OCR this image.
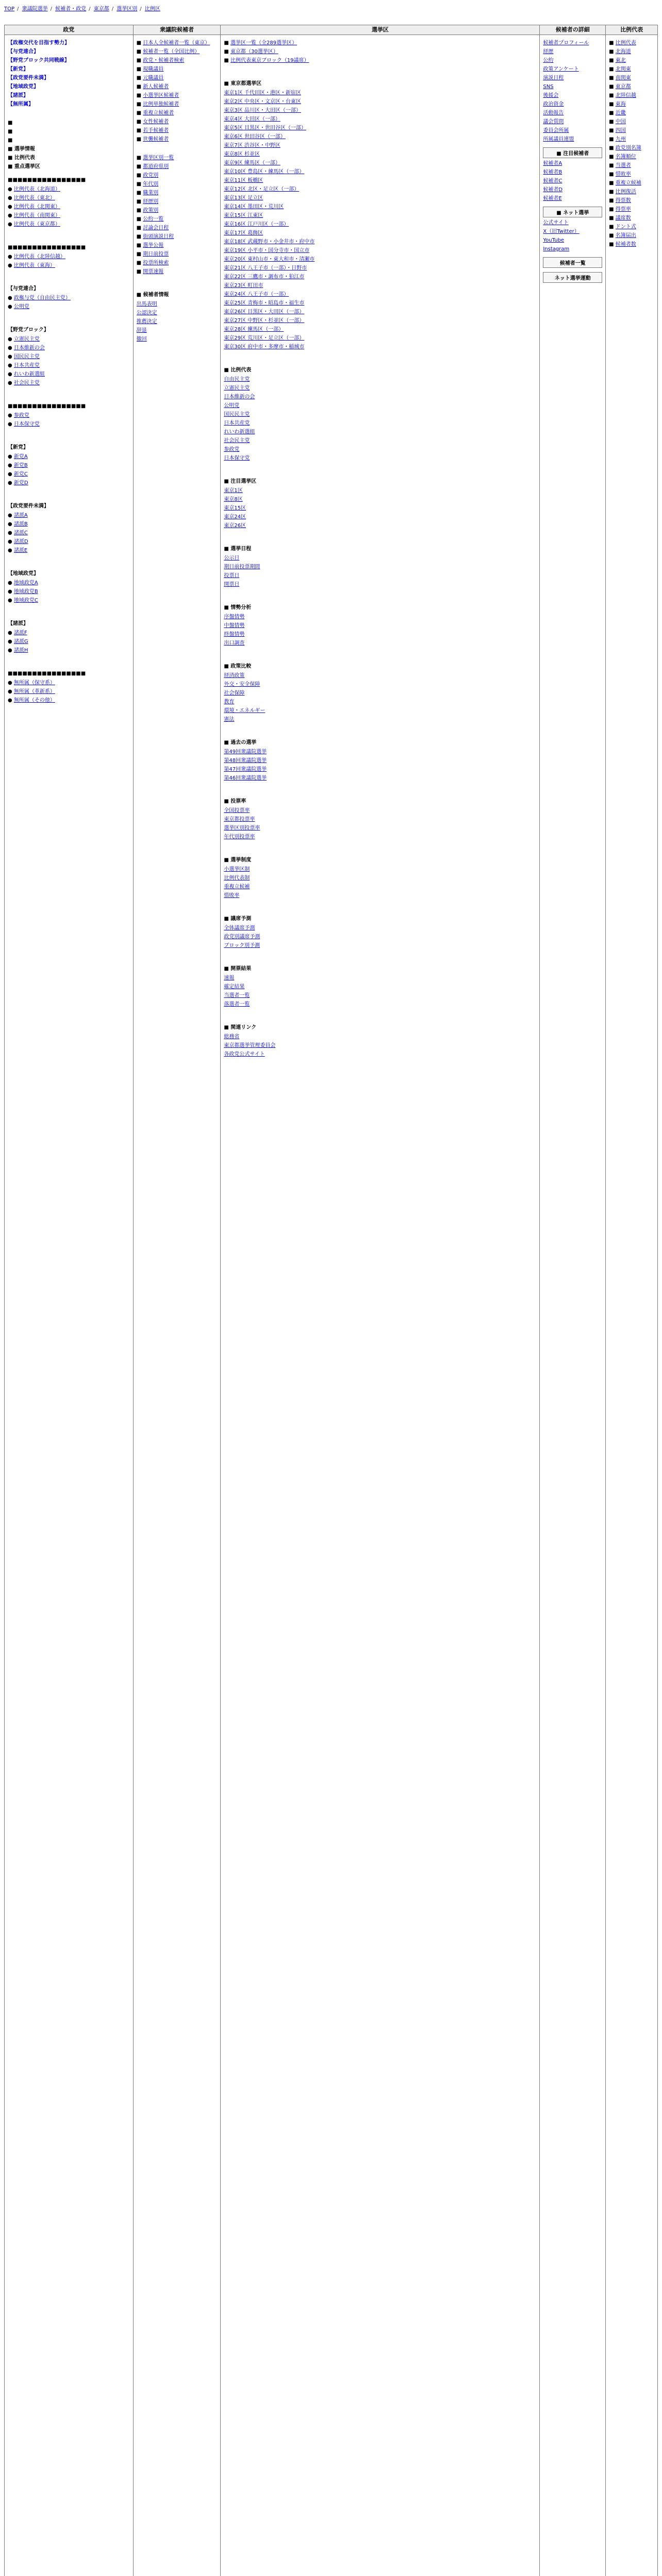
TOP / 衆議院選挙 / 候補者・政党 / 東京都 / 選挙区別 / 比例区
政党
【政権交代を目指す勢力】
【与党連合】
【野党ブロック共同戦線】
【新党】
【政党要件未満】
【地域政党】
【諸派】
【無所属】
■
■
■
■ 選挙情報
■ 比例代表
■ 重点選挙区
■■■■■■■■■■■■■■■■
● 比例代表（北海道）
● 比例代表（東北）
● 比例代表（北関東）
● 比例代表（南関東）
● 比例代表（東京都）
■■■■■■■■■■■■■■■■
● 比例代表（北陸信越）
● 比例代表（東海）
【与党連合】
● 政権与党（自由民主党）
● 公明党
【野党ブロック】
● 立憲民主党
● 日本維新の会
● 国民民主党
● 日本共産党
● れいわ新選組
● 社会民主党
■■■■■■■■■■■■■■■■
● 参政党
● 日本保守党
【新党】
● 新党A
● 新党B
● 新党C
● 新党D
【政党要件未満】
● 諸派A
● 諸派B
● 諸派C
● 諸派D
● 諸派E
【地域政党】
● 地域政党A
● 地域政党B
● 地域政党C
【諸派】
● 諸派F
● 諸派G
● 諸派H
■■■■■■■■■■■■■■■■
● 無所属（保守系）
● 無所属（革新系）
● 無所属（その他）
衆議院候補者
■ 日本人全候補者一覧（東京）
■ 候補者一覧（全国比例）
■ 政党・候補者検索
■ 現職議員
■ 元職議員
■ 新人候補者
■ 小選挙区候補者
■ 比例単独候補者
■ 重複立候補者
■ 女性候補者
■ 若手候補者
■ 世襲候補者
■ 選挙区別一覧
■ 都道府県別
■ 政党別
■ 年代別
■ 職業別
■ 経歴別
■ 政策別
■ 公約一覧
■ 討論会日程
■ 街頭演説日程
■ 選挙公報
■ 期日前投票
■ 投票所検索
■ 開票速報
■ 候補者情報
出馬表明
公認決定
推薦決定
辞退
撤回
選挙区
■ 選挙区一覧（全289選挙区）
■ 東京都（30選挙区）
■ 比例代表東京ブロック（19議席）
■ 東京都選挙区
東京1区 千代田区・港区・新宿区
東京2区 中央区・文京区・台東区
東京3区 品川区・大田区（一部）
東京4区 大田区（一部）
東京5区 目黒区・世田谷区（一部）
東京6区 世田谷区（一部）
東京7区 渋谷区・中野区
東京8区 杉並区
東京9区 練馬区（一部）
東京10区 豊島区・練馬区（一部）
東京11区 板橋区
東京12区 北区・足立区（一部）
東京13区 足立区
東京14区 墨田区・荒川区
東京15区 江東区
東京16区 江戸川区（一部）
東京17区 葛飾区
東京18区 武蔵野市・小金井市・府中市
東京19区 小平市・国分寺市・国立市
東京20区 東村山市・東大和市・清瀬市
東京21区 八王子市（一部）・日野市
東京22区 三鷹市・調布市・狛江市
東京23区 町田市
東京24区 八王子市（一部）
東京25区 青梅市・昭島市・福生市
東京26区 目黒区・大田区（一部）
東京27区 中野区・杉並区（一部）
東京28区 練馬区（一部）
東京29区 荒川区・足立区（一部）
東京30区 府中市・多摩市・稲城市
■ 比例代表
自由民主党
立憲民主党
日本維新の会
公明党
国民民主党
日本共産党
れいわ新選組
社会民主党
参政党
日本保守党
■ 注目選挙区
東京1区
東京8区
東京15区
東京24区
東京26区
■ 選挙日程
公示日
期日前投票期間
投票日
開票日
■ 情勢分析
序盤情勢
中盤情勢
終盤情勢
出口調査
■ 政策比較
経済政策
外交・安全保障
社会保障
教育
環境・エネルギー
憲法
■ 過去の選挙
第49回衆議院選挙
第48回衆議院選挙
第47回衆議院選挙
第46回衆議院選挙
■ 投票率
全国投票率
東京都投票率
選挙区別投票率
年代別投票率
■ 選挙制度
小選挙区制
比例代表制
重複立候補
惜敗率
■ 議席予測
全体議席予測
政党別議席予測
ブロック別予測
■ 開票結果
速報
確定結果
当選者一覧
落選者一覧
■ 関連リンク
総務省
東京都選挙管理委員会
各政党公式サイト
候補者の詳細
候補者プロフィール
経歴
公約
政策アンケート
演説日程
SNS
後援会
政治資金
活動報告
議会質問
委員会所属
所属議員連盟
■ 注目候補者
候補者A
候補者B
候補者C
候補者D
候補者E
■ ネット選挙
公式サイト
X（旧Twitter）
YouTube
Instagram
候補者一覧
ネット選挙運動
比例代表
■ 比例代表
■ 北海道
■ 東北
■ 北関東
■ 南関東
■ 東京都
■ 北陸信越
■ 東海
■ 近畿
■ 中国
■ 四国
■ 九州
■ 政党別名簿
■ 名簿順位
■ 当選者
■ 惜敗率
■ 重複立候補
■ 比例復活
■ 得票数
■ 得票率
■ 議席数
■ ドント式
■ 名簿届出
■ 候補者数
